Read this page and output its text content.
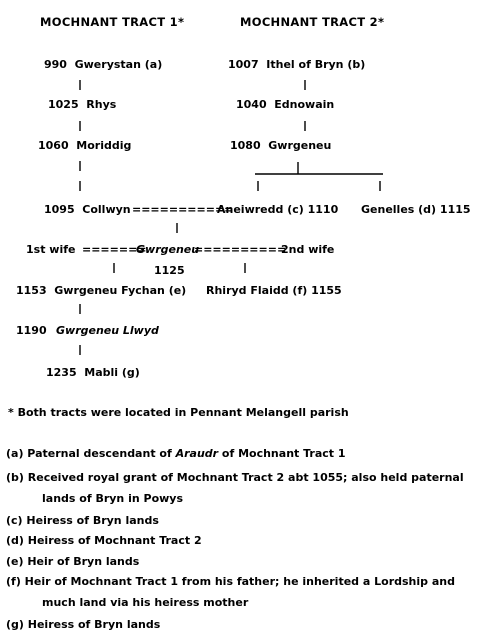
MOCHNANT TRACT 1*	MOCHNANT TRACT 2*
990  Gwerystan (a)
1025  Rhys
1060  Moriddig
1095  Collwyn ===========
1007  Ithel of Bryn (b)
1040  Ednowain
1080  Gwrgeneu
Aneiwredd (c) 1110 Genelles (d) 1115
1st wife =======
Gwrgeneu
==========
2nd wife
1125
1153  Gwrgeneu Fychan (e) Rhiryd Flaidd (f) 1155
1190 Gwrgeneu Llwyd
1235  Mabli (g)
* Both tracts were located in Pennant Melangell parish
(a) Paternal descendant of Araudr of Mochnant Tract 1
(b) Received royal grant of Mochnant Tract 2 abt 1055; also held paternal
lands of Bryn in Powys
(c) Heiress of Bryn lands
(d) Heiress of Mochnant Tract 2
(e) Heir of Bryn lands
(f) Heir of Mochnant Tract 1 from his father; he inherited a Lordship and
much land via his heiress mother
(g) Heiress of Bryn lands
